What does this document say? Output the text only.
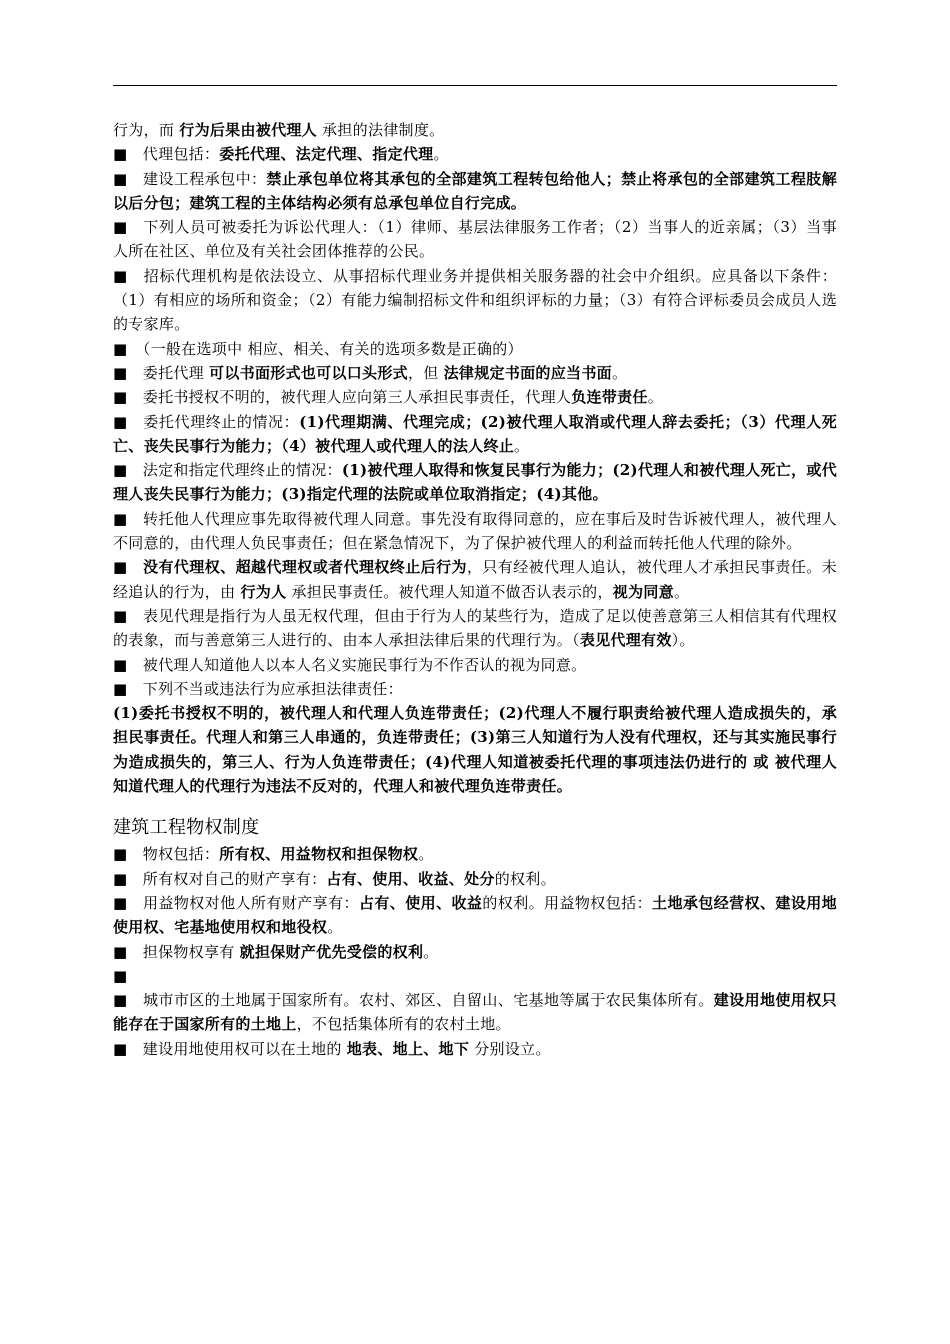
行为，而 行为后果由被代理人 承担的法律制度。

■　代理包括：委托代理、法定代理、指定代理。

■　建设工程承包中：禁止承包单位将其承包的全部建筑工程转包给他人；禁止将承包的全部建筑工程肢解以后分包；建筑工程的主体结构必须有总承包单位自行完成。

■　下列人员可被委托为诉讼代理人：（1）律师、基层法律服务工作者；（2）当事人的近亲属；（3）当事人所在社区、单位及有关社会团体推荐的公民。

■　招标代理机构是依法设立、从事招标代理业务并提供相关服务器的社会中介组织。应具备以下条件：（1）有相应的场所和资金；（2）有能力编制招标文件和组织评标的力量；（3）有符合评标委员会成员人选的专家库。

■　（一般在选项中 相应、相关、有关的选项多数是正确的）

■　委托代理 可以书面形式也可以口头形式，但 法律规定书面的应当书面。

■　委托书授权不明的，被代理人应向第三人承担民事责任，代理人负连带责任。

■　委托代理终止的情况：(1)代理期满、代理完成；(2)被代理人取消或代理人辞去委托；（3）代理人死亡、丧失民事行为能力；（4）被代理人或代理人的法人终止。

■　法定和指定代理终止的情况：(1)被代理人取得和恢复民事行为能力；(2)代理人和被代理人死亡，或代理人丧失民事行为能力；(3)指定代理的法院或单位取消指定；(4)其他。

■　转托他人代理应事先取得被代理人同意。事先没有取得同意的，应在事后及时告诉被代理人，被代理人不同意的，由代理人负民事责任；但在紧急情况下，为了保护被代理人的利益而转托他人代理的除外。

■　没有代理权、超越代理权或者代理权终止后行为，只有经被代理人追认，被代理人才承担民事责任。未经追认的行为，由 行为人 承担民事责任。被代理人知道不做否认表示的，视为同意。

■　表见代理是指行为人虽无权代理，但由于行为人的某些行为，造成了足以使善意第三人相信其有代理权的表象，而与善意第三人进行的、由本人承担法律后果的代理行为。（表见代理有效）。

■　被代理人知道他人以本人名义实施民事行为不作否认的视为同意。

■　下列不当或违法行为应承担法律责任：

(1)委托书授权不明的，被代理人和代理人负连带责任；(2)代理人不履行职责给被代理人造成损失的，承担民事责任。代理人和第三人串通的，负连带责任；(3)第三人知道行为人没有代理权，还与其实施民事行为造成损失的，第三人、行为人负连带责任；(4)代理人知道被委托代理的事项违法仍进行的 或 被代理人知道代理人的代理行为违法不反对的，代理人和被代理负连带责任。

建筑工程物权制度

■　物权包括：所有权、用益物权和担保物权。

■　所有权对自己的财产享有：占有、使用、收益、处分的权利。

■　用益物权对他人所有财产享有：占有、使用、收益的权利。用益物权包括：土地承包经营权、建设用地使用权、宅基地使用权和地役权。

■　担保物权享有 就担保财产优先受偿的权利。

■

■　城市市区的土地属于国家所有。农村、郊区、自留山、宅基地等属于农民集体所有。建设用地使用权只能存在于国家所有的土地上，不包括集体所有的农村土地。

■　建设用地使用权可以在土地的 地表、地上、地下 分别设立。
